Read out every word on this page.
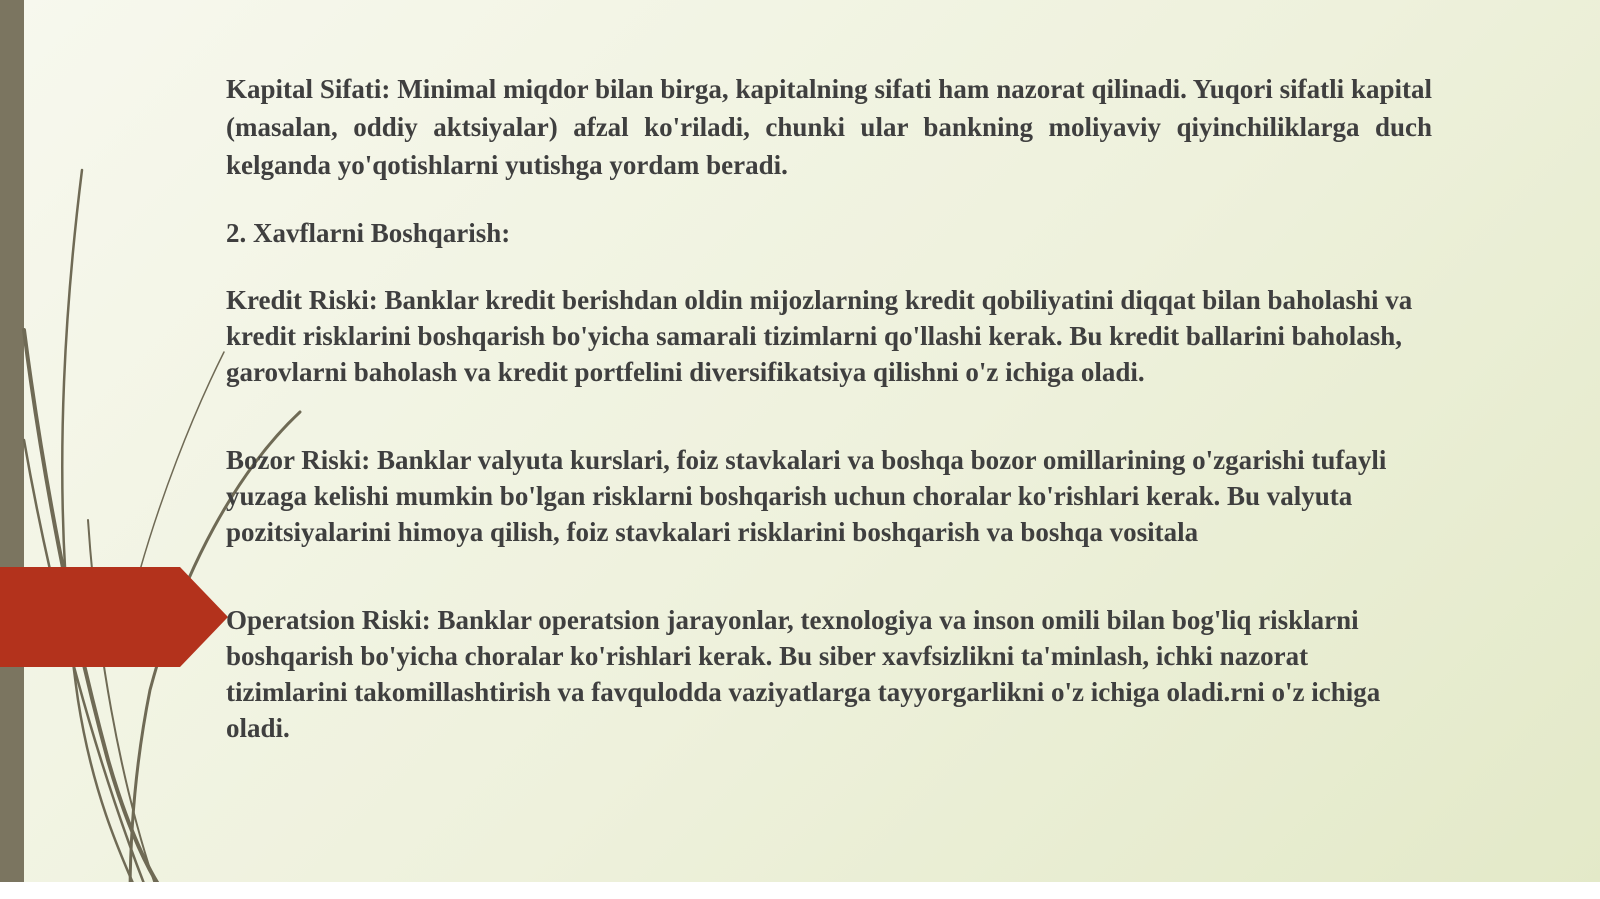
Kapital Sifati: Minimal miqdor bilan birga, kapitalning sifati ham nazorat qilinadi. Yuqori sifatli kapital (masalan, oddiy aktsiyalar) afzal ko'riladi, chunki ular bankning moliyaviy qiyinchiliklarga duch kelganda yo'qotishlarni yutishga yordam beradi.

2. Xavflarni Boshqarish:

Kredit Riski: Banklar kredit berishdan oldin mijozlarning kredit qobiliyatini diqqat bilan baholashi va kredit risklarini boshqarish bo'yicha samarali tizimlarni qo'llashi kerak. Bu kredit ballarini baholash, garovlarni baholash va kredit portfelini diversifikatsiya qilishni o'z ichiga oladi.

Bozor Riski: Banklar valyuta kurslari, foiz stavkalari va boshqa bozor omillarining o'zgarishi tufayli yuzaga kelishi mumkin bo'lgan risklarni boshqarish uchun choralar ko'rishlari kerak. Bu valyuta pozitsiyalarini himoya qilish, foiz stavkalari risklarini boshqarish va boshqa vositala

Operatsion Riski: Banklar operatsion jarayonlar, texnologiya va inson omili bilan bog'liq risklarni boshqarish bo'yicha choralar ko'rishlari kerak. Bu siber xavfsizlikni ta'minlash, ichki nazorat tizimlarini takomillashtirish va favqulodda vaziyatlarga tayyorgarlikni o'z ichiga oladi.rni o'z ichiga oladi.
